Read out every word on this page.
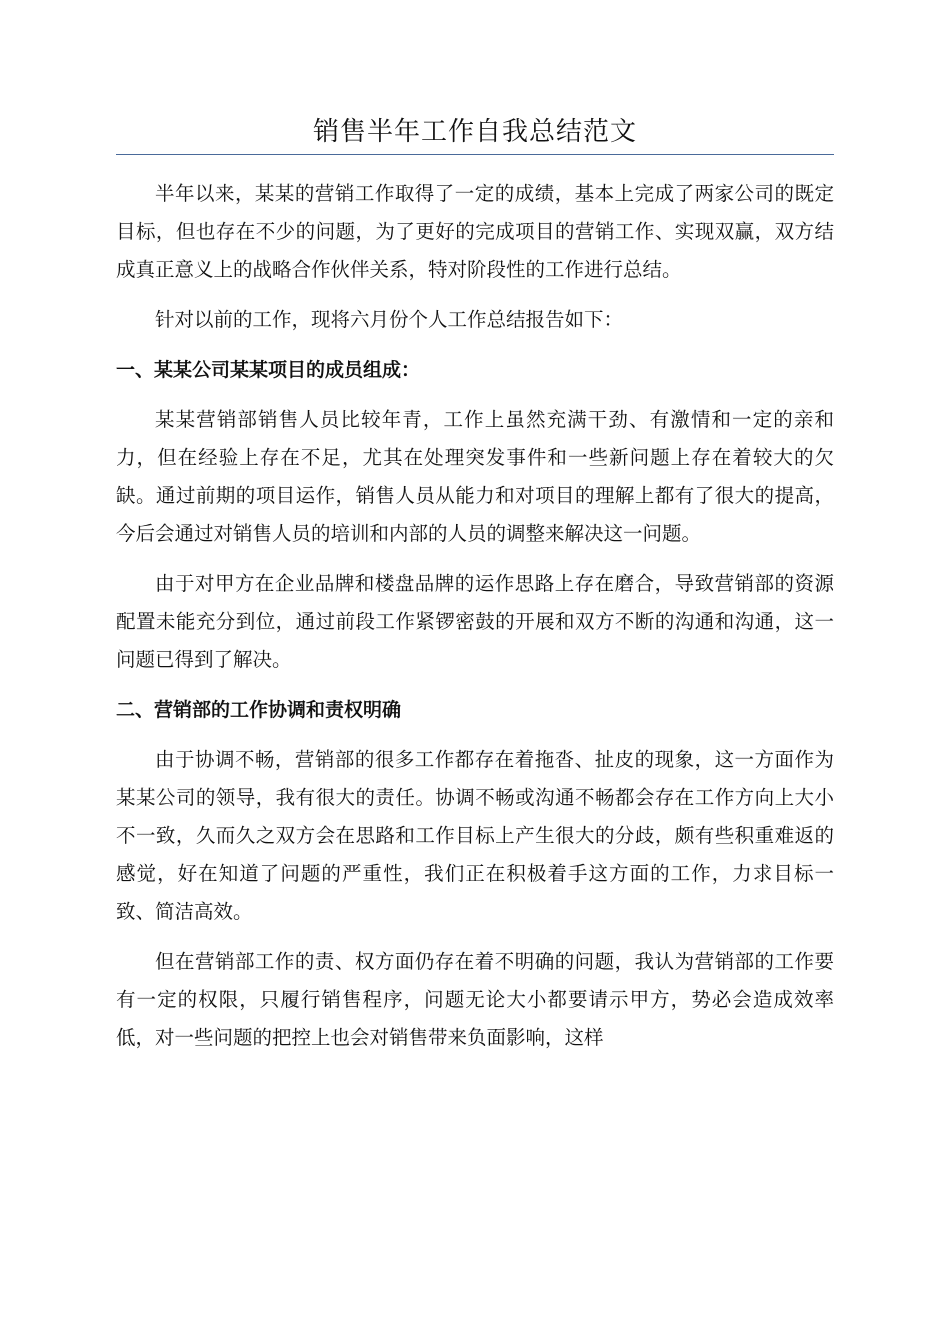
销售半年工作自我总结范文

半年以来，某某的营销工作取得了一定的成绩，基本上完成了两家公司的既定目标，但也存在不少的问题，为了更好的完成项目的营销工作、实现双赢，双方结成真正意义上的战略合作伙伴关系，特对阶段性的工作进行总结。

针对以前的工作，现将六月份个人工作总结报告如下：

一、某某公司某某项目的成员组成：

某某营销部销售人员比较年青，工作上虽然充满干劲、有激情和一定的亲和力，但在经验上存在不足，尤其在处理突发事件和一些新问题上存在着较大的欠缺。通过前期的项目运作，销售人员从能力和对项目的理解上都有了很大的提高，今后会通过对销售人员的培训和内部的人员的调整来解决这一问题。

由于对甲方在企业品牌和楼盘品牌的运作思路上存在磨合，导致营销部的资源配置未能充分到位，通过前段工作紧锣密鼓的开展和双方不断的沟通和沟通，这一问题已得到了解决。

二、营销部的工作协调和责权明确

由于协调不畅，营销部的很多工作都存在着拖沓、扯皮的现象，这一方面作为某某公司的领导，我有很大的责任。协调不畅或沟通不畅都会存在工作方向上大小不一致，久而久之双方会在思路和工作目标上产生很大的分歧，颇有些积重难返的感觉，好在知道了问题的严重性，我们正在积极着手这方面的工作，力求目标一致、简洁高效。

但在营销部工作的责、权方面仍存在着不明确的问题，我认为营销部的工作要有一定的权限，只履行销售程序，问题无论大小都要请示甲方，势必会造成效率低，对一些问题的把控上也会对销售带来负面影响，这样
